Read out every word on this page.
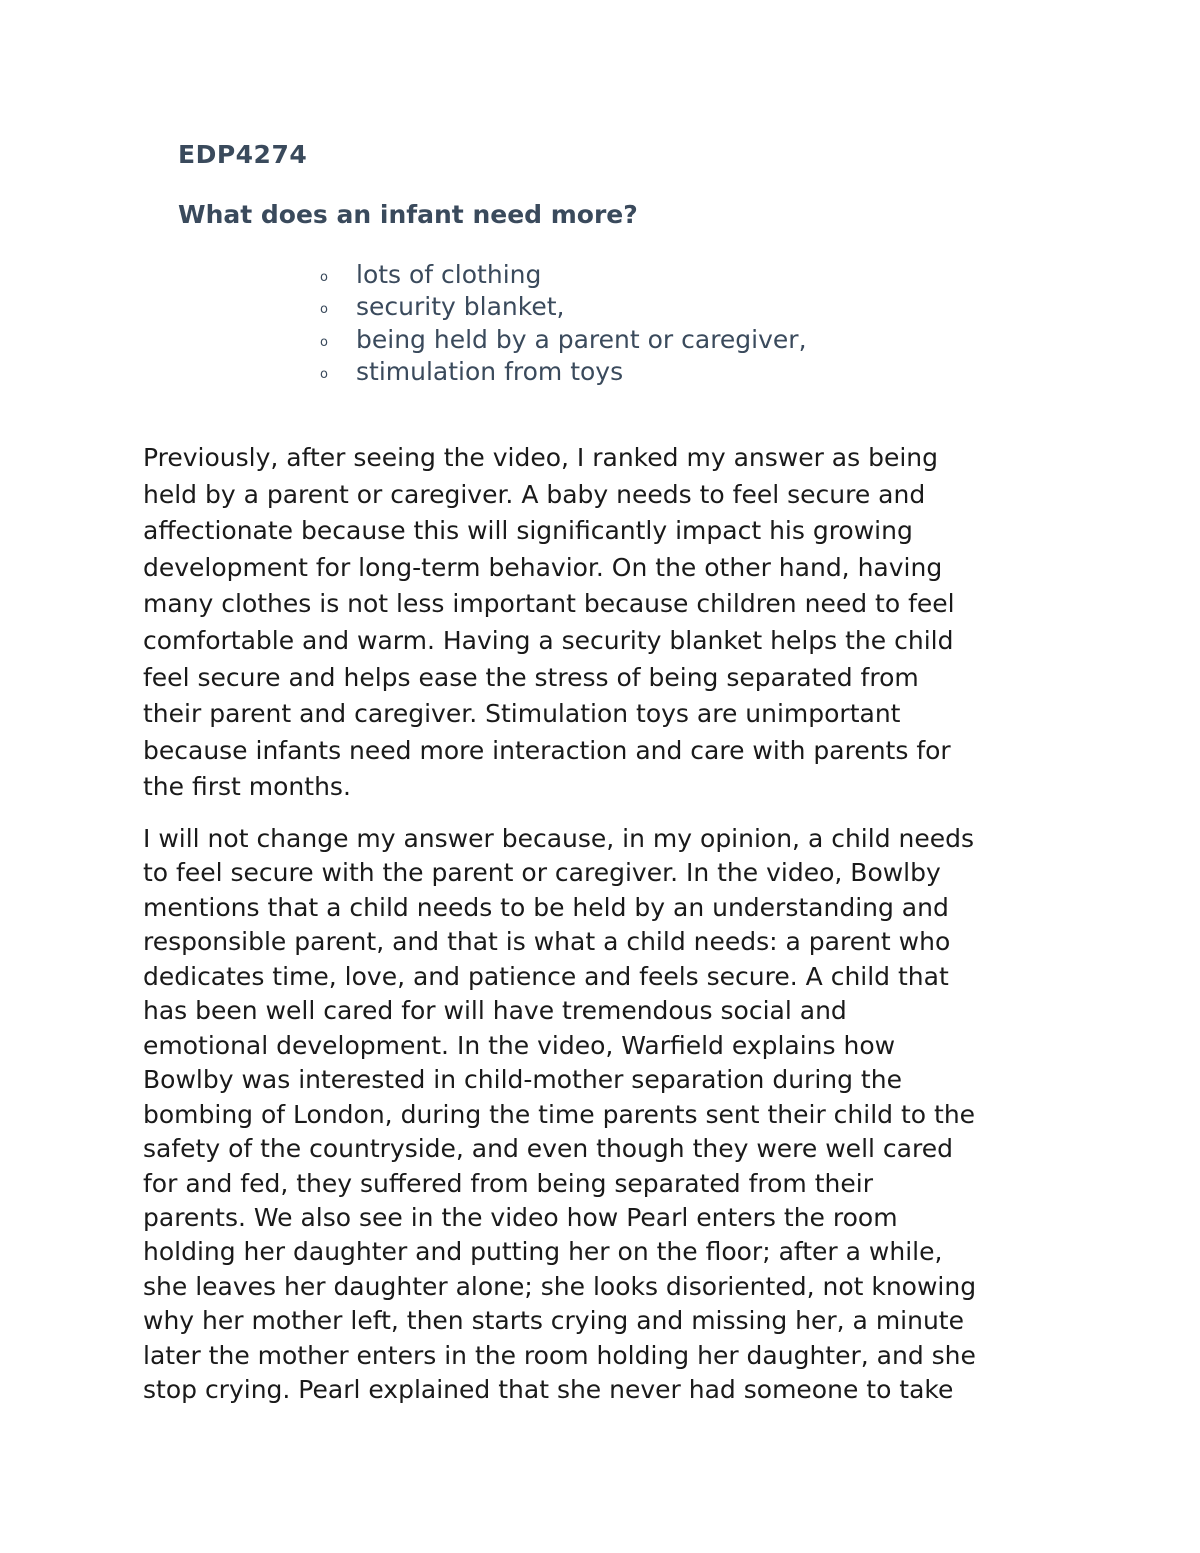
EDP4274
What does an infant need more?
o	lots of clothing
o	security blanket,
o	being held by a parent or caregiver,
o	stimulation from toys

Previously, after seeing the video, I ranked my answer as being
held by a parent or caregiver. A baby needs to feel secure and
affectionate because this will significantly impact his growing
development for long-term behavior. On the other hand, having
many clothes is not less important because children need to feel
comfortable and warm. Having a security blanket helps the child
feel secure and helps ease the stress of being separated from
their parent and caregiver. Stimulation toys are unimportant
because infants need more interaction and care with parents for
the first months.

I will not change my answer because, in my opinion, a child needs
to feel secure with the parent or caregiver. In the video, Bowlby
mentions that a child needs to be held by an understanding and
responsible parent, and that is what a child needs: a parent who
dedicates time, love, and patience and feels secure. A child that
has been well cared for will have tremendous social and
emotional development. In the video, Warfield explains how
Bowlby was interested in child-mother separation during the
bombing of London, during the time parents sent their child to the
safety of the countryside, and even though they were well cared
for and fed, they suffered from being separated from their
parents. We also see in the video how Pearl enters the room
holding her daughter and putting her on the floor; after a while,
she leaves her daughter alone; she looks disoriented, not knowing
why her mother left, then starts crying and missing her, a minute
later the mother enters in the room holding her daughter, and she
stop crying. Pearl explained that she never had someone to take
